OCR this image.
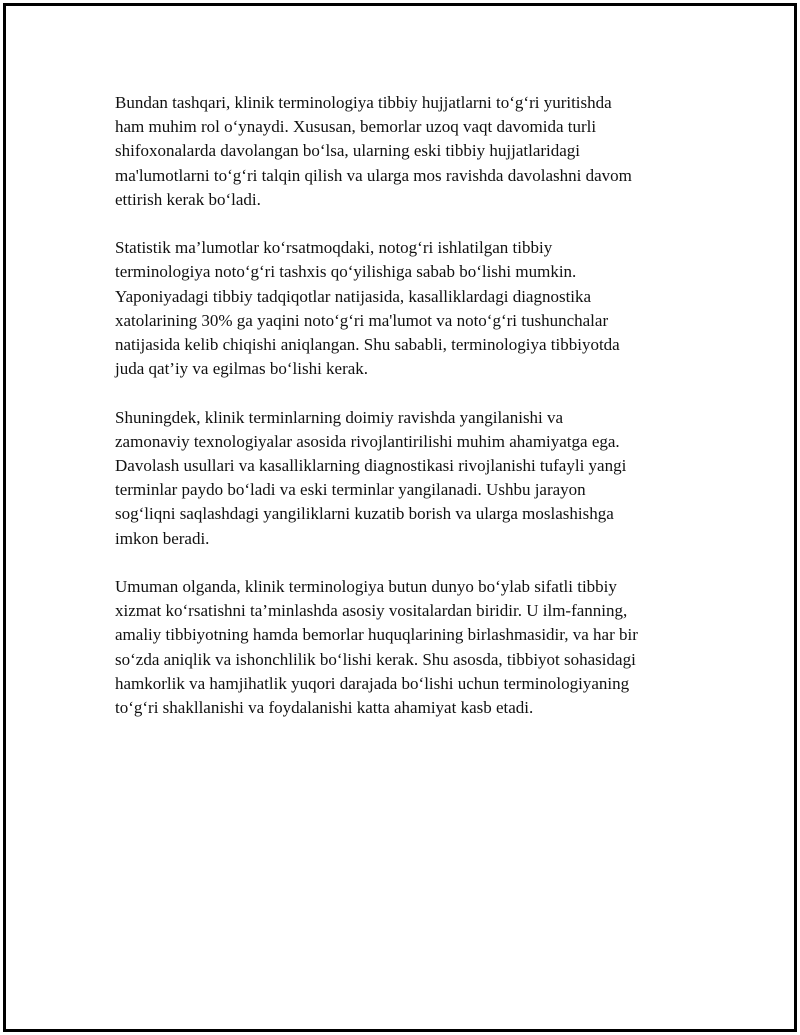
Bundan tashqari, klinik terminologiya tibbiy hujjatlarni to‘g‘ri yuritishda
ham muhim rol o‘ynaydi. Xususan, bemorlar uzoq vaqt davomida turli
shifoxonalarda davolangan bo‘lsa, ularning eski tibbiy hujjatlaridagi
ma'lumotlarni to‘g‘ri talqin qilish va ularga mos ravishda davolashni davom
ettirish kerak bo‘ladi.

Statistik ma’lumotlar ko‘rsatmoqdaki, notog‘ri ishlatilgan tibbiy
terminologiya noto‘g‘ri tashxis qo‘yilishiga sabab bo‘lishi mumkin.
Yaponiyadagi tibbiy tadqiqotlar natijasida, kasalliklardagi diagnostika
xatolarining 30% ga yaqini noto‘g‘ri ma'lumot va noto‘g‘ri tushunchalar
natijasida kelib chiqishi aniqlangan. Shu sababli, terminologiya tibbiyotda
juda qat’iy va egilmas bo‘lishi kerak.

Shuningdek, klinik terminlarning doimiy ravishda yangilanishi va
zamonaviy texnologiyalar asosida rivojlantirilishi muhim ahamiyatga ega.
Davolash usullari va kasalliklarning diagnostikasi rivojlanishi tufayli yangi
terminlar paydo bo‘ladi va eski terminlar yangilanadi. Ushbu jarayon
sog‘liqni saqlashdagi yangiliklarni kuzatib borish va ularga moslashishga
imkon beradi.

Umuman olganda, klinik terminologiya butun dunyo bo‘ylab sifatli tibbiy
xizmat ko‘rsatishni ta’minlashda asosiy vositalardan biridir. U ilm-fanning,
amaliy tibbiyotning hamda bemorlar huquqlarining birlashmasidir, va har bir
so‘zda aniqlik va ishonchlilik bo‘lishi kerak. Shu asosda, tibbiyot sohasidagi
hamkorlik va hamjihatlik yuqori darajada bo‘lishi uchun terminologiyaning
to‘g‘ri shakllanishi va foydalanishi katta ahamiyat kasb etadi.
